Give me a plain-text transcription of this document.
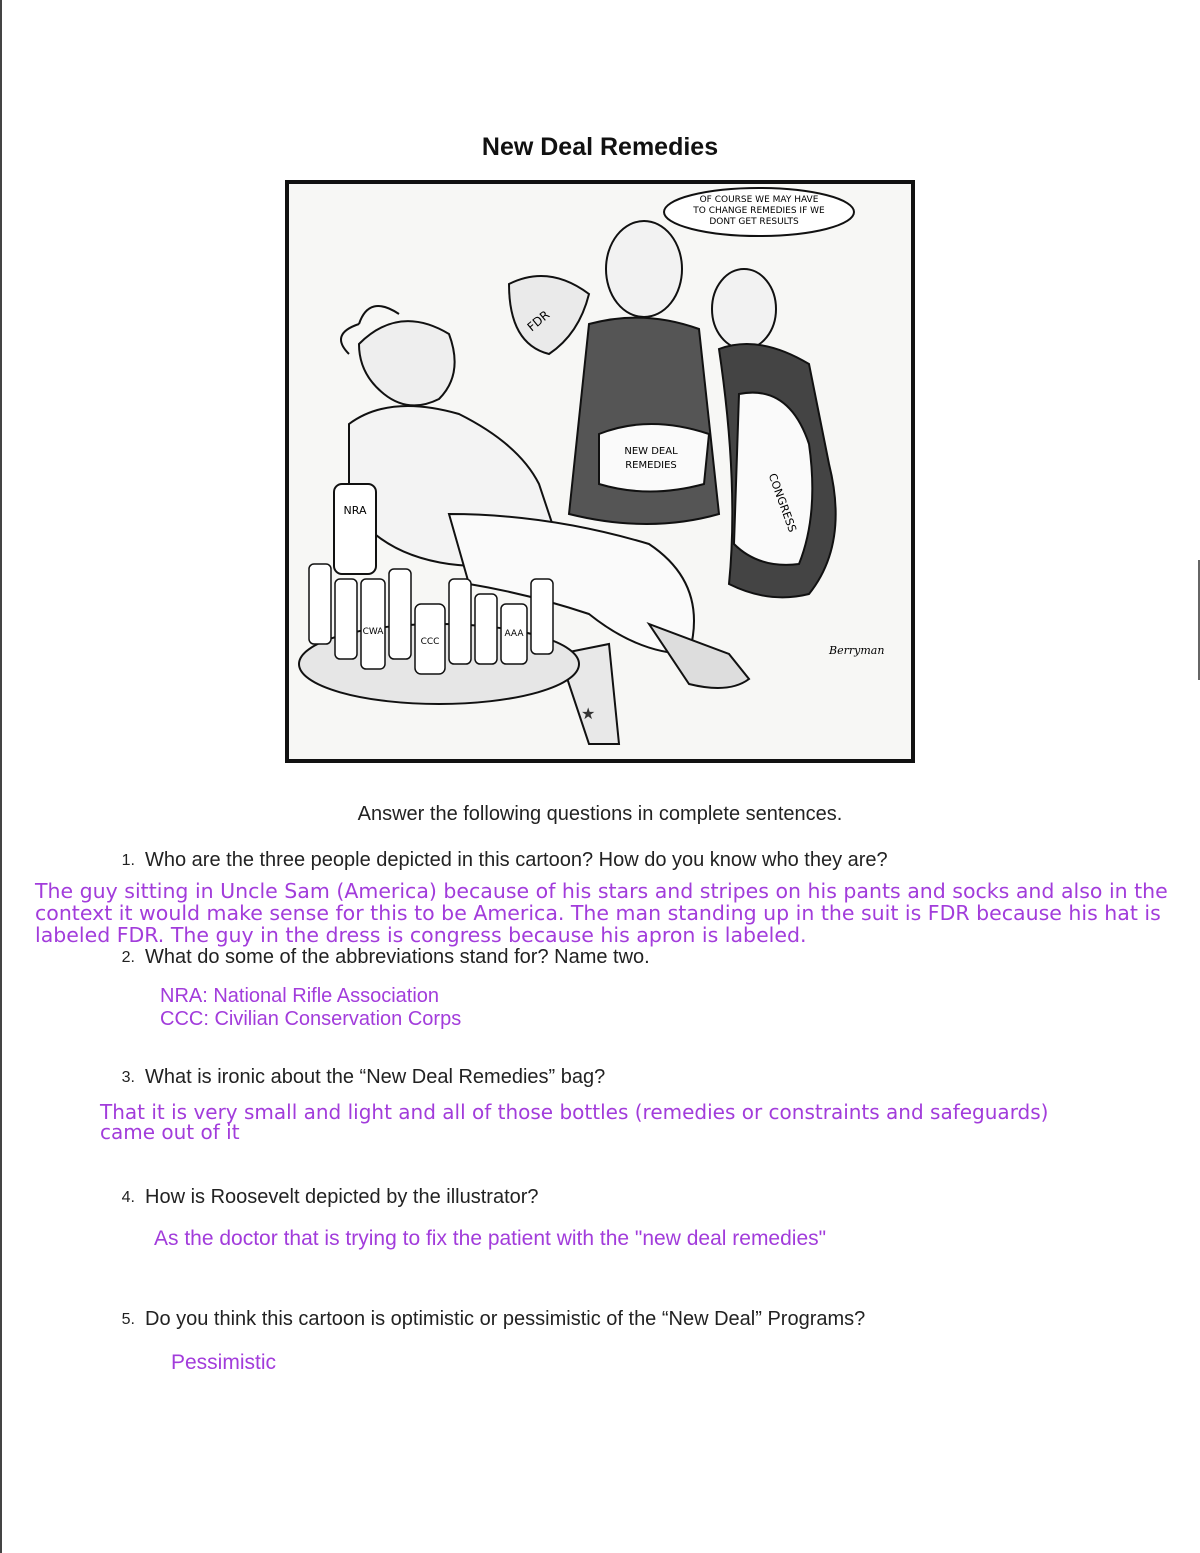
New Deal Remedies
OF COURSE WE MAY HAVE
TO CHANGE REMEDIES IF WE
DONT GET RESULTS
★
NRA
CWA
CCC
AAA
FDR
NEW DEAL
REMEDIES
CONGRESS
Berryman
Answer the following questions in complete sentences.
1. Who are the three people depicted in this cartoon? How do you know who they are?
The guy sitting in Uncle Sam (America) because of his stars and stripes on his pants and socks and also in the
context it would make sense for this to be America. The man standing up in the suit is FDR because his hat is
labeled FDR. The guy in the dress is congress because his apron is labeled.
2. What do some of the abbreviations stand for? Name two.
NRA: National Rifle Association
CCC: Civilian Conservation Corps
3. What is ironic about the “New Deal Remedies” bag?
That it is very small and light and all of those bottles (remedies or constraints and safeguards)
came out of it
4. How is Roosevelt depicted by the illustrator?
As the doctor that is trying to fix the patient with the "new deal remedies"
5. Do you think this cartoon is optimistic or pessimistic of the “New Deal” Programs?
Pessimistic
